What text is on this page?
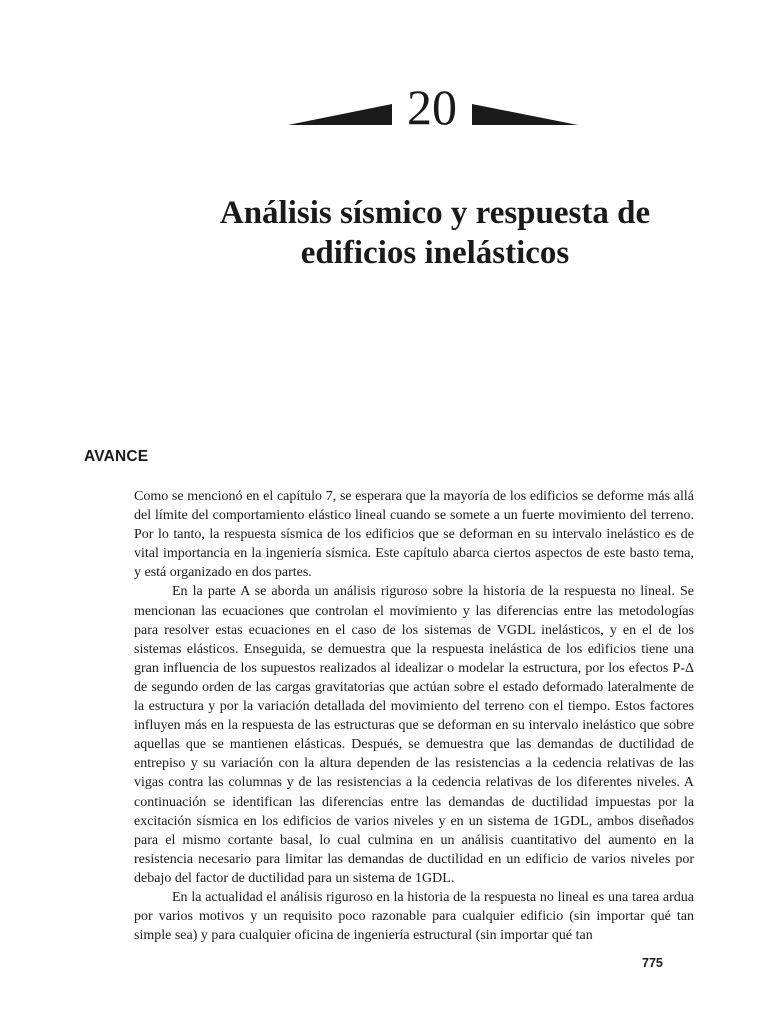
20
Análisis sísmico y respuesta de edificios inelásticos
AVANCE

Como se mencionó en el capítulo 7, se esperara que la mayoría de los edificios se deforme más allá del límite del comportamiento elástico lineal cuando se somete a un fuerte movimiento del terreno. Por lo tanto, la respuesta sísmica de los edificios que se deforman en su intervalo inelástico es de vital importancia en la ingeniería sísmica. Este capítulo abarca ciertos aspectos de este basto tema, y está organizado en dos partes.

En la parte A se aborda un análisis riguroso sobre la historia de la respuesta no lineal. Se mencionan las ecuaciones que controlan el movimiento y las diferencias entre las metodologías para resolver estas ecuaciones en el caso de los sistemas de VGDL inelásticos, y en el de los sistemas elásticos. Enseguida, se demuestra que la respuesta inelástica de los edificios tiene una gran influencia de los supuestos realizados al idealizar o modelar la estructura, por los efectos P-Δ de segundo orden de las cargas gravitatorias que actúan sobre el estado deformado lateralmente de la estructura y por la variación detallada del movimiento del terreno con el tiempo. Estos factores influyen más en la respuesta de las estructuras que se deforman en su intervalo inelástico que sobre aquellas que se mantienen elásticas. Después, se demuestra que las demandas de ductilidad de entrepiso y su variación con la altura dependen de las resistencias a la cedencia relativas de las vigas contra las columnas y de las resistencias a la cedencia relativas de los diferentes niveles. A continuación se identifican las diferencias entre las demandas de ductilidad impuestas por la excitación sísmica en los edificios de varios niveles y en un sistema de 1GDL, ambos diseñados para el mismo cortante basal, lo cual culmina en un análisis cuantitativo del aumento en la resistencia necesario para limitar las demandas de ductilidad en un edificio de varios niveles por debajo del factor de ductilidad para un sistema de 1GDL.

En la actualidad el análisis riguroso en la historia de la respuesta no lineal es una tarea ardua por varios motivos y un requisito poco razonable para cualquier edificio (sin importar qué tan simple sea) y para cualquier oficina de ingeniería estructural (sin importar qué tan

775
